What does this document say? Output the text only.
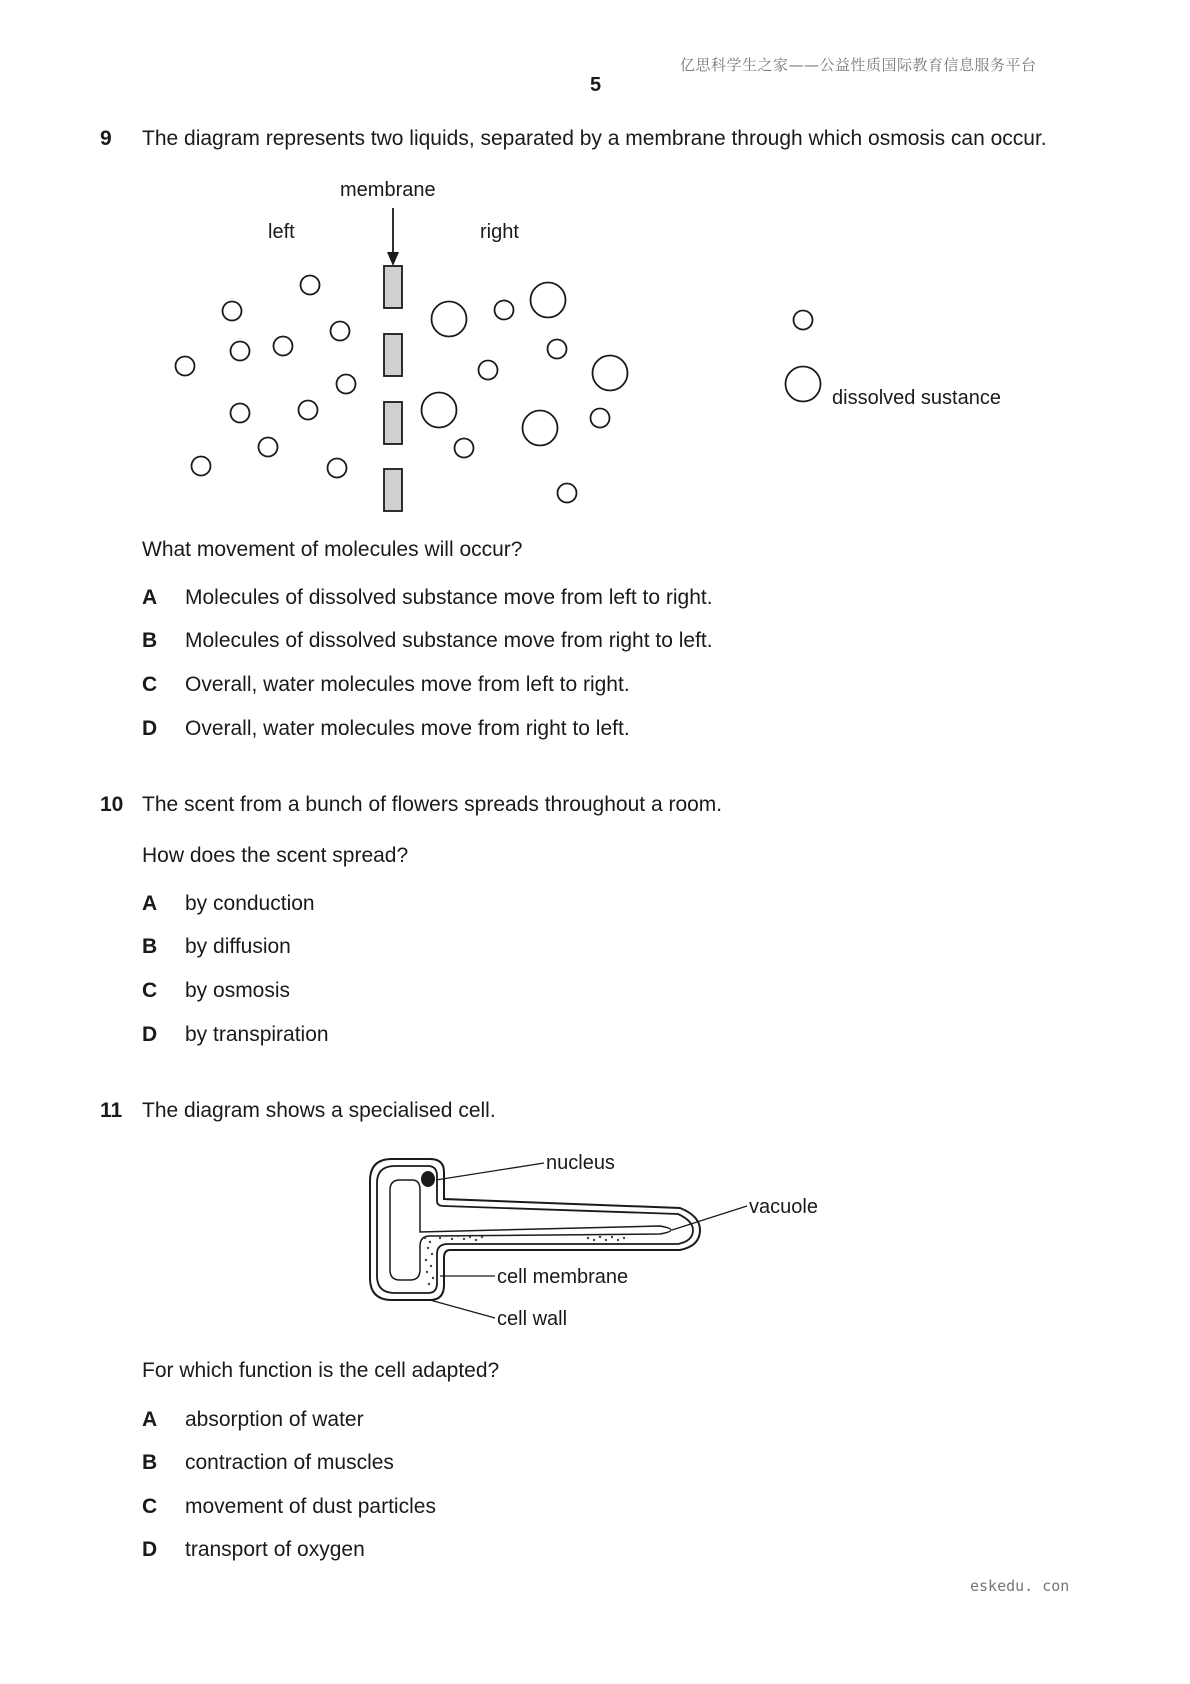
亿思科学生之家——公益性质国际教育信息服务平台
5
eskedu. con
9 The diagram represents two liquids, separated by a membrane through which osmosis can occur.
membrane
left	right
dissolved sustance
What movement of molecules will occur?
A Molecules of dissolved substance move from left to right.
B Molecules of dissolved substance move from right to left.
C Overall, water molecules move from left to right.
D Overall, water molecules move from right to left.
10 The scent from a bunch of flowers spreads throughout a room.
How does the scent spread?
A by conduction
B by diffusion
C by osmosis
D by transpiration
11 The diagram shows a specialised cell.
nucleus
vacuole
cell membrane
cell wall
For which function is the cell adapted?
A absorption of water
B contraction of muscles
C movement of dust particles
D transport of oxygen
